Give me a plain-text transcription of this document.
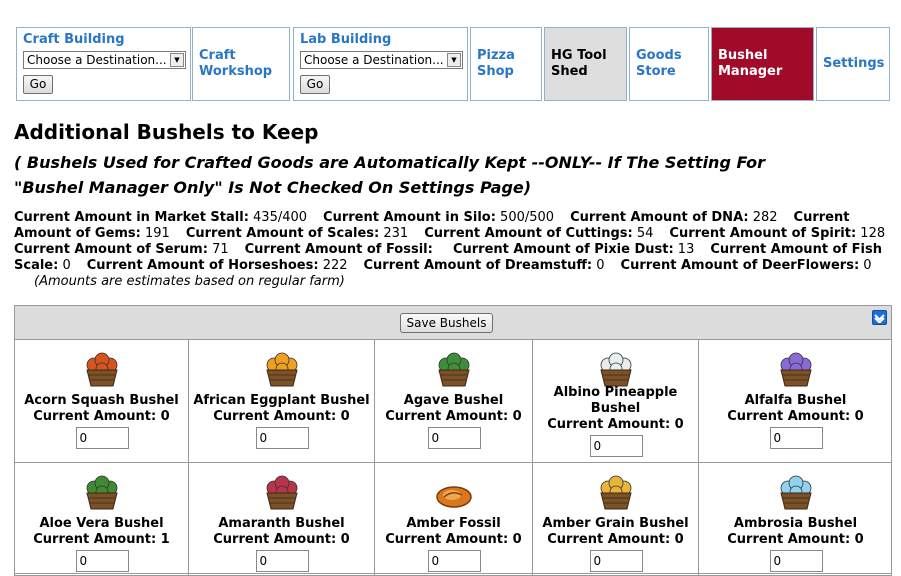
Craft Building
Choose a Destination...	▼
Go
Craft Workshop
Lab Building
Choose a Destination...	▼
Go
Pizza Shop
HG Tool Shed
Goods Store
Bushel Manager
Settings
Additional Bushels to Keep
( Bushels Used for Crafted Goods are Automatically Kept --ONLY-- If The Setting For
"Bushel Manager Only" Is Not Checked On Settings Page)
Current Amount in Market Stall: 435/400 Current Amount in Silo: 500/500 Current Amount of DNA: 282 Current Amount of Gems: 191 Current Amount of Scales: 231 Current Amount of Cuttings: 54 Current Amount of Spirit: 128
Current Amount of Serum: 71 Current Amount of Fossil: Current Amount of Pixie Dust: 13 Current Amount of Fish Scale: 0 Current Amount of Horseshoes: 222 Current Amount of Dreamstuff: 0 Current Amount of DeerFlowers: 0
(Amounts are estimates based on regular farm)
Save Bushels
Acorn Squash Bushel
Current Amount: 0
0
African Eggplant Bushel
Current Amount: 0
0
Agave Bushel
Current Amount: 0
0
Albino Pineapple
Bushel
Current Amount: 0
0
Alfalfa Bushel
Current Amount: 0
0
Aloe Vera Bushel
Current Amount: 1
0
Amaranth Bushel
Current Amount: 0
0
Amber Fossil
Current Amount: 0
0
Amber Grain Bushel
Current Amount: 0
0
Ambrosia Bushel
Current Amount: 0
0
